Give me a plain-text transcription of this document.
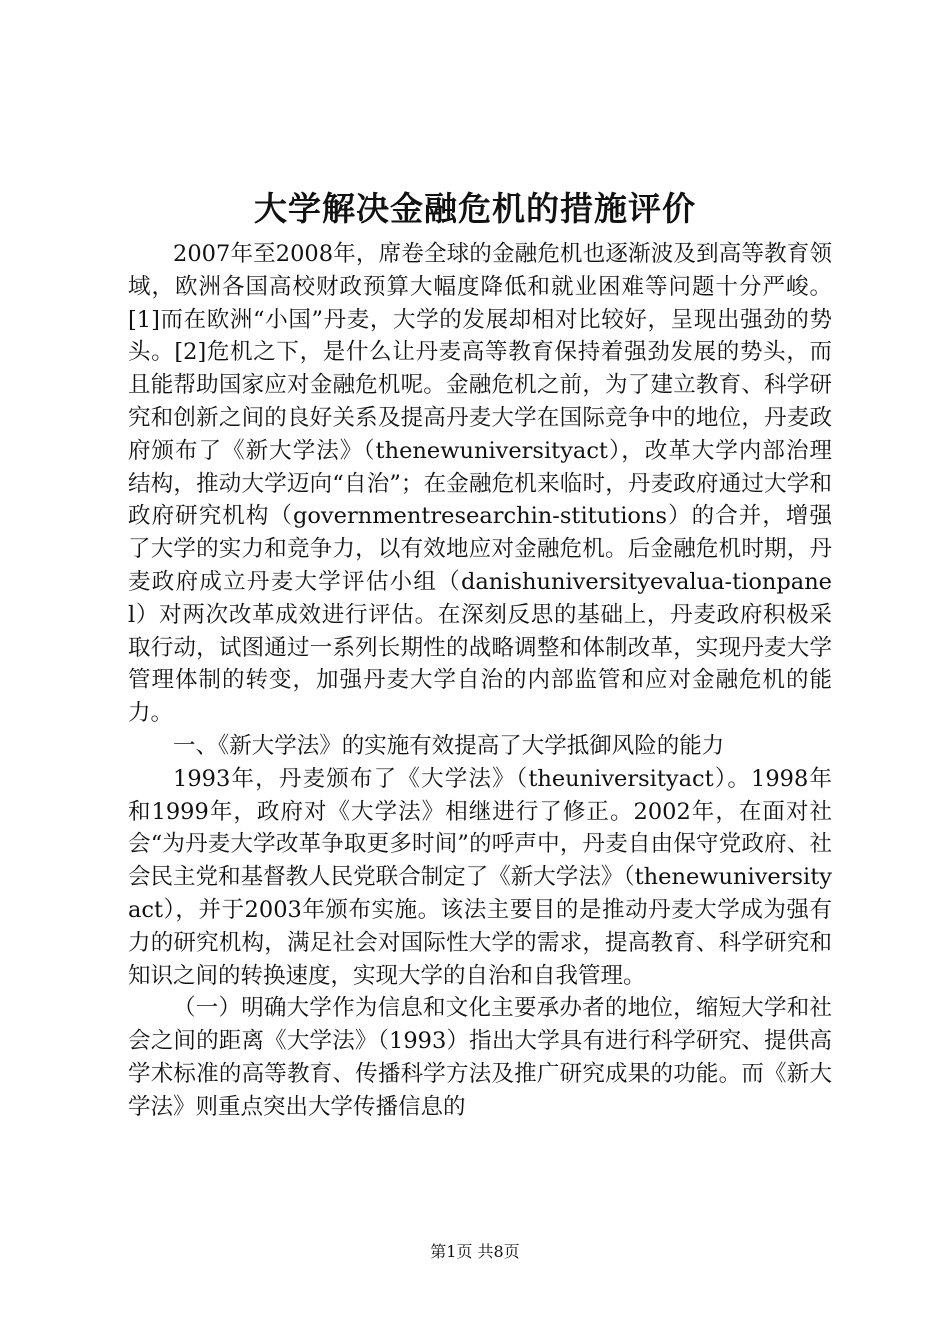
大学解决金融危机的措施评价

2007年至2008年，席卷全球的金融危机也逐渐波及到高等教育领域，欧洲各国高校财政预算大幅度降低和就业困难等问题十分严峻。[1]而在欧洲“小国”丹麦，大学的发展却相对比较好，呈现出强劲的势头。[2]危机之下，是什么让丹麦高等教育保持着强劲发展的势头，而且能帮助国家应对金融危机呢。金融危机之前，为了建立教育、科学研究和创新之间的良好关系及提高丹麦大学在国际竞争中的地位，丹麦政府颁布了《新大学法》（thenewuniversityact），改革大学内部治理结构，推动大学迈向“自治”；在金融危机来临时，丹麦政府通过大学和政府研究机构（governmentresearchin-stitutions）的合并，增强了大学的实力和竞争力，以有效地应对金融危机。后金融危机时期，丹麦政府成立丹麦大学评估小组（danishuniversityevalua-tionpanel）对两次改革成效进行评估。在深刻反思的基础上，丹麦政府积极采取行动，试图通过一系列长期性的战略调整和体制改革，实现丹麦大学管理体制的转变，加强丹麦大学自治的内部监管和应对金融危机的能力。

一、《新大学法》的实施有效提高了大学抵御风险的能力

1993年，丹麦颁布了《大学法》（theuniversityact）。1998年和1999年，政府对《大学法》相继进行了修正。2002年，在面对社会“为丹麦大学改革争取更多时间”的呼声中，丹麦自由保守党政府、社会民主党和基督教人民党联合制定了《新大学法》（thenewuniversityact），并于2003年颁布实施。该法主要目的是推动丹麦大学成为强有力的研究机构，满足社会对国际性大学的需求，提高教育、科学研究和知识之间的转换速度，实现大学的自治和自我管理。

（一）明确大学作为信息和文化主要承办者的地位，缩短大学和社会之间的距离《大学法》（1993）指出大学具有进行科学研究、提供高学术标准的高等教育、传播科学方法及推广研究成果的功能。而《新大学法》则重点突出大学传播信息的

第1页 共8页
